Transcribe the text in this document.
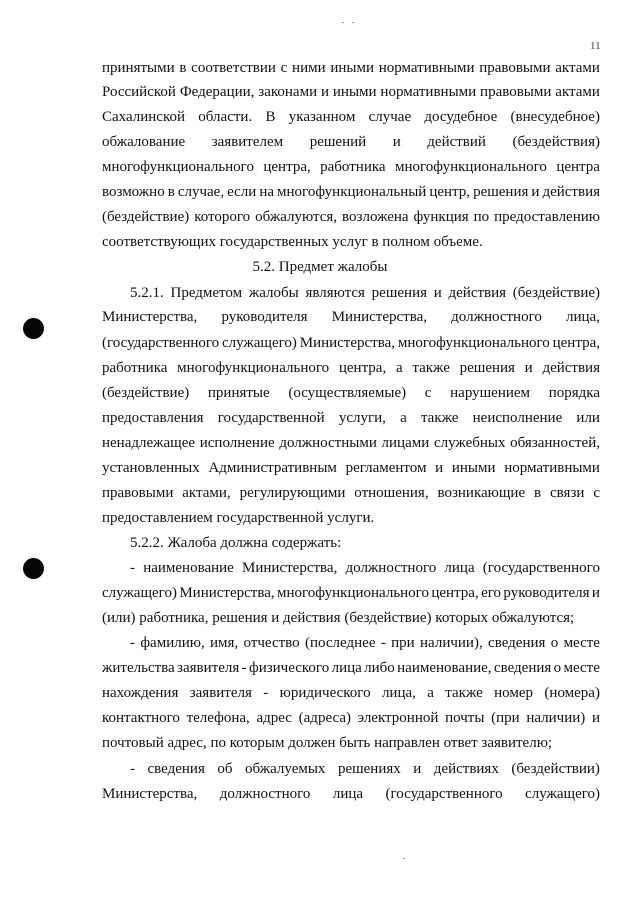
11
принятыми в соответствии с ними иными нормативными правовыми актами
Российской Федерации, законами и иными нормативными правовыми актами
Сахалинской области. В указанном случае досудебное (внесудебное)
обжалование заявителем решений и действий (бездействия)
многофункционального центра, работника многофункционального центра
возможно в случае, если на многофункциональный центр, решения и действия
(бездействие) которого обжалуются, возложена функция по предоставлению
соответствующих государственных услуг в полном объеме.
5.2. Предмет жалобы
5.2.1. Предметом жалобы являются решения и действия (бездействие)
Министерства, руководителя Министерства, должностного лица,
(государственного служащего) Министерства, многофункционального центра,
работника многофункционального центра, а также решения и действия
(бездействие) принятые (осуществляемые) с нарушением порядка
предоставления государственной услуги, а также неисполнение или
ненадлежащее исполнение должностными лицами служебных обязанностей,
установленных Административным регламентом и иными нормативными
правовыми актами, регулирующими отношения, возникающие в связи с
предоставлением государственной услуги.
5.2.2. Жалоба должна содержать:
- наименование Министерства, должностного лица (государственного
служащего) Министерства, многофункционального центра, его руководителя и
(или) работника, решения и действия (бездействие) которых обжалуются;
- фамилию, имя, отчество (последнее - при наличии), сведения о месте
жительства заявителя - физического лица либо наименование, сведения о месте
нахождения заявителя - юридического лица, а также номер (номера)
контактного телефона, адрес (адреса) электронной почты (при наличии) и
почтовый адрес, по которым должен быть направлен ответ заявителю;
- сведения об обжалуемых решениях и действиях (бездействии)
Министерства, должностного лица (государственного служащего)
